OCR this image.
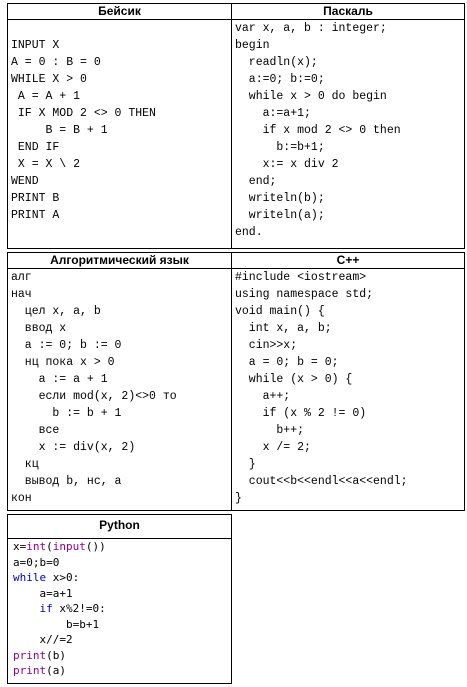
Бейсик	Паскаль
Алгоритмический язык	C++
Python
INPUT X
A = 0 : B = 0
WHILE X > 0
A = A + 1
IF X MOD 2 <> 0 THEN
B = B + 1
END IF
X = X \ 2
WEND
PRINT B
PRINT A
var x, a, b : integer;
begin
readln(x);
a:=0; b:=0;
while x > 0 do begin
a:=a+1;
if x mod 2 <> 0 then
b:=b+1;
x:= x div 2
end;
writeln(b);
writeln(a);
end.
алг
нач
цел x, a, b
ввод x
a := 0; b := 0
нц пока x > 0
a := a + 1
если mod(x, 2)<>0 то
b := b + 1
все
x := div(x, 2)
кц
вывод b, нс, a
кон
#include <iostream>
using namespace std;
void main() {
int x, a, b;
cin>>x;
a = 0; b = 0;
while (x > 0) {
a++;
if (x % 2 != 0)
b++;
x /= 2;
}
cout<<b<<endl<<a<<endl;
}
x=int(input())
a=0;b=0
while x>0:
a=a+1
if x%2!=0:
b=b+1
x//=2
print(b)
print(a)
